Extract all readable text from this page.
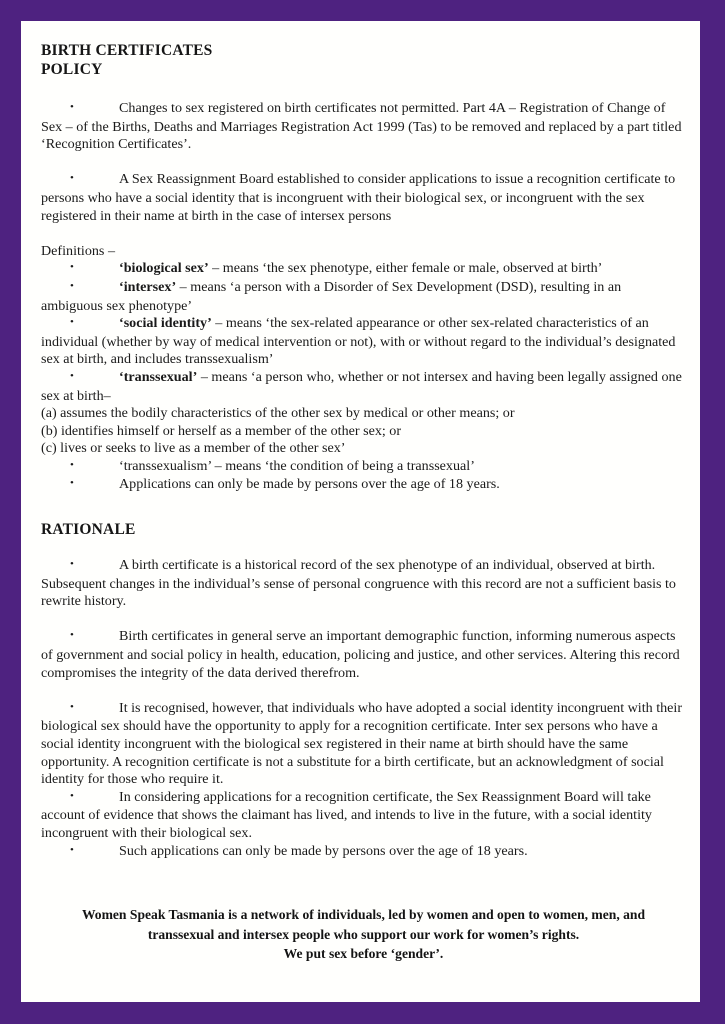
BIRTH CERTIFICATES
POLICY

•Changes to sex registered on birth certificates not permitted. Part 4A – Registration of Change of Sex – of the Births, Deaths and Marriages Registration Act 1999 (Tas) to be removed and replaced by a part titled ‘Recognition Certificates’.

•A Sex Reassignment Board established to consider applications to issue a recognition certificate to persons who have a social identity that is incongruent with their biological sex, or incongruent with the sex registered in their name at birth in the case of intersex persons

Definitions –

•‘biological sex’ – means ‘the sex phenotype, either female or male, observed at birth’

•‘intersex’ – means ‘a person with a Disorder of Sex Development (DSD), resulting in an ambiguous sex phenotype’

•‘social identity’ – means ‘the sex-related appearance or other sex-related characteristics of an individual (whether by way of medical intervention or not), with or without regard to the individual’s designated sex at birth, and includes transsexualism’

•‘transsexual’ – means ‘a person who, whether or not intersex and having been legally assigned one sex at birth–

(a) assumes the bodily characteristics of the other sex by medical or other means; or

(b) identifies himself or herself as a member of the other sex; or

(c) lives or seeks to live as a member of the other sex’

•‘transsexualism’ – means ‘the condition of being a transsexual’

•Applications can only be made by persons over the age of 18 years.

RATIONALE

•A birth certificate is a historical record of the sex phenotype of an individual, observed at birth. Subsequent changes in the individual’s sense of personal congruence with this record are not a sufficient basis to rewrite history.

•Birth certificates in general serve an important demographic function, informing numerous aspects of government and social policy in health, education, policing and justice, and other services. Altering this record compromises the integrity of the data derived therefrom.

•It is recognised, however, that individuals who have adopted a social identity incongruent with their biological sex should have the opportunity to apply for a recognition certificate. Inter sex persons who have a social identity incongruent with the biological sex registered in their name at birth should have the same opportunity. A recognition certificate is not a substitute for a birth certificate, but an acknowledgment of social identity for those who require it.

•In considering applications for a recognition certificate, the Sex Reassignment Board will take account of evidence that shows the claimant has lived, and intends to live in the future, with a social identity incongruent with their biological sex.

•Such applications can only be made by persons over the age of 18 years.

Women Speak Tasmania is a network of individuals, led by women and open to women, men, and
transsexual and intersex people who support our work for women’s rights.
We put sex before ‘gender’.
